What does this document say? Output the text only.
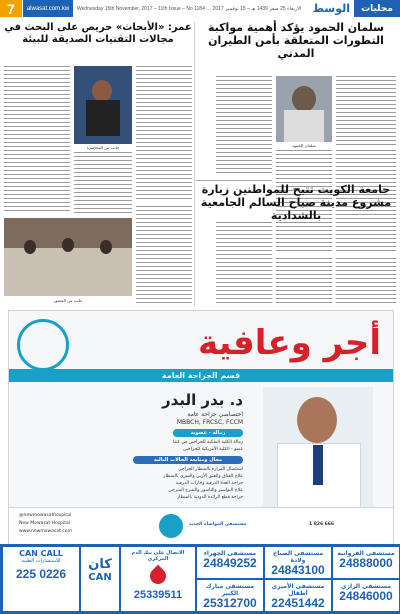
7	alwasat.com.kw	Wednesday 15th November, 2017 – 11th Issue – No 1184 … الأربعاء 25 صفر 1439 هـ – 15 نوفمبر 2017	الوسط	محليات
سلمان الحمود يؤكد أهمية مواكبة التطورات المتعلقة بأمن الطيران المدني
سلمان الحمود
جامعة الكويت تتيح للمواطنين زيارة مشروع مدينة صباح السالم الجامعية بالشدادية
عمر: «الأبحاث» حريص على البحث في مجالات التقنيات الصديقة للبيئة
جانب من المحاضرة
جانب من الحضور
أجر وعافية
قسم الجراحة العامة
د. بدر البدر
اختصاصي جراحة عامة
MBBCH, FRCSC, FCCM
زمالة - عضوية
زمالة الكلية الملكية للجراحين في كندا
عضو - الكلية الأمريكية للجراحين
مجال ومتابعة الحالات التالية
استئصال المرارة بالمنظار الجراحي
علاج الفتاق والفتق الأربي والسري بالمنظار
جراحة الغدة الدرقية وجارات الدرقية
علاج البواسير والناسور والشرخ الشرجي
جراحة قطع الزائدة الدودية بالمنظار
@newmowasathospital
New Mowasat Hospital
www.newmowasat.com
مستشفى المواساة الجديد	1 826 666
CAN CALL
للاستشارات الطبية
225 0226
كان
CAN
الاتصال على بنك الدم المركزي
25339511
مستشفى الجهراء
24849252
مستشفى الصباح ولادة
24843100
مستشفى الفروانية
24888000
مستشفى مبارك الكبير
25312700
مستشفى الأميري أطفال
22451442
مستشفى الرازي
24846000
